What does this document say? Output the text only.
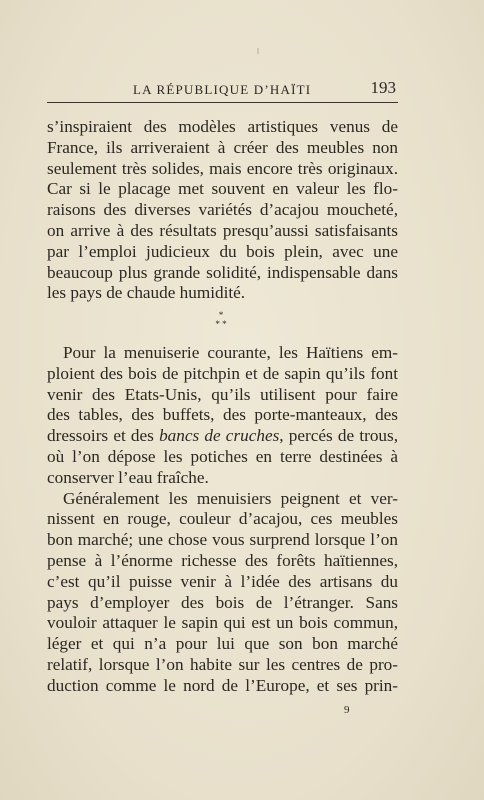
LA RÉPUBLIQUE D’HAÏTI	193
s’inspiraient des modèles artistiques venus de
France, ils arriveraient à créer des meubles non
seulement très solides, mais encore très originaux.
Car si le placage met souvent en valeur les flo-
raisons des diverses variétés d’acajou moucheté,
on arrive à des résultats presqu’aussi satisfaisants
par l’emploi judicieux du bois plein, avec une
beaucoup plus grande solidité, indispensable dans
les pays de chaude humidité.
*
* *
Pour la menuiserie courante, les Haïtiens em-
ploient des bois de pitchpin et de sapin qu’ils font
venir des Etats-Unis, qu’ils utilisent pour faire
des tables, des buffets, des porte-manteaux, des
dressoirs et des bancs de cruches, percés de trous,
où l’on dépose les potiches en terre destinées à
conserver l’eau fraîche.
Généralement les menuisiers peignent et ver-
nissent en rouge, couleur d’acajou, ces meubles
bon marché; une chose vous surprend lorsque l’on
pense à l’énorme richesse des forêts haïtiennes,
c’est qu’il puisse venir à l’idée des artisans du
pays d’employer des bois de l’étranger. Sans
vouloir attaquer le sapin qui est un bois commun,
léger et qui n’a pour lui que son bon marché
relatif, lorsque l’on habite sur les centres de pro-
duction comme le nord de l’Europe, et ses prin-
9
